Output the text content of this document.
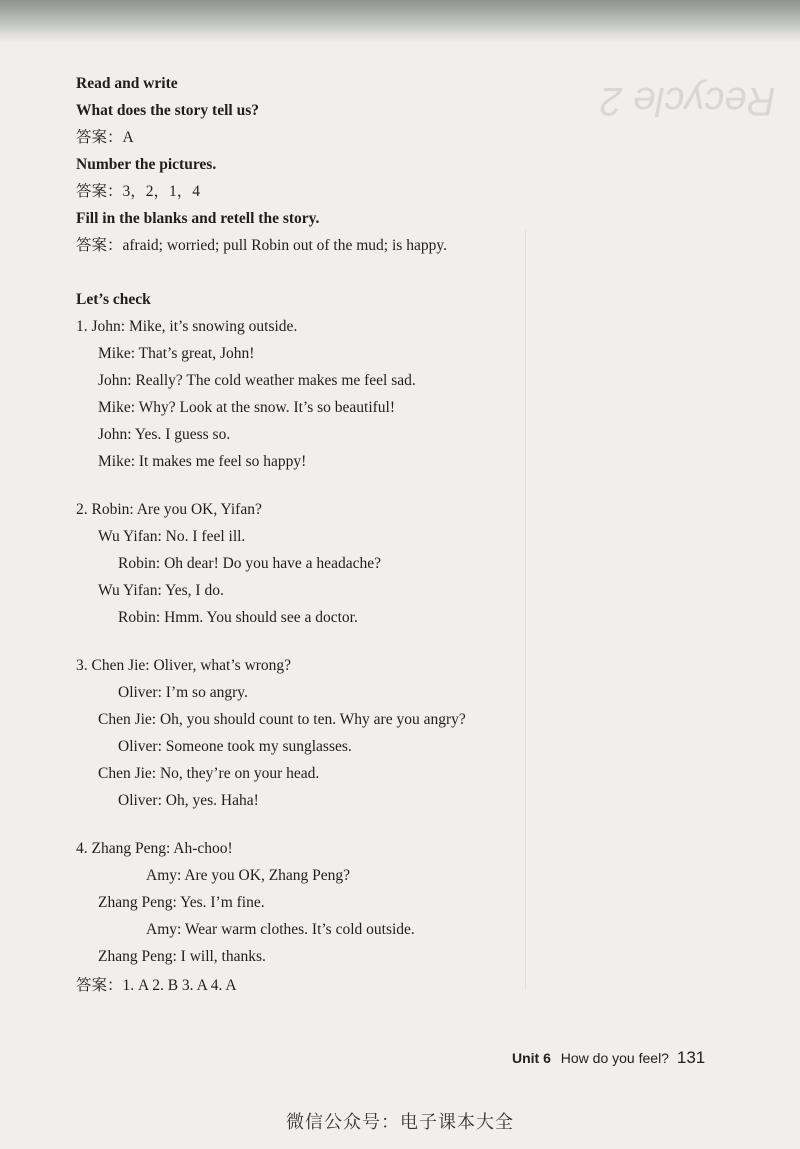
Recycle 2
Read and write
What does the story tell us?
答案：A
Number the pictures.
答案：3，2，1，4
Fill in the blanks and retell the story.
答案：afraid; worried; pull Robin out of the mud; is happy.
Let’s check
1. John: Mike, it’s snowing outside.
Mike: That’s great, John!
John: Really? The cold weather makes me feel sad.
Mike: Why? Look at the snow. It’s so beautiful!
John: Yes. I guess so.
Mike: It makes me feel so happy!
2. Robin: Are you OK, Yifan?
Wu Yifan: No. I feel ill.
Robin: Oh dear! Do you have a headache?
Wu Yifan: Yes, I do.
Robin: Hmm. You should see a doctor.
3. Chen Jie: Oliver, what’s wrong?
Oliver: I’m so angry.
Chen Jie: Oh, you should count to ten. Why are you angry?
Oliver: Someone took my sunglasses.
Chen Jie: No, they’re on your head.
Oliver: Oh, yes. Haha!
4. Zhang Peng: Ah-choo!
Amy: Are you OK, Zhang Peng?
Zhang Peng: Yes. I’m fine.
Amy: Wear warm clothes. It’s cold outside.
Zhang Peng: I will, thanks.
答案：1. A 2. B 3. A 4. A
Unit 6 How do you feel? 131
微信公众号：电子课本大全
